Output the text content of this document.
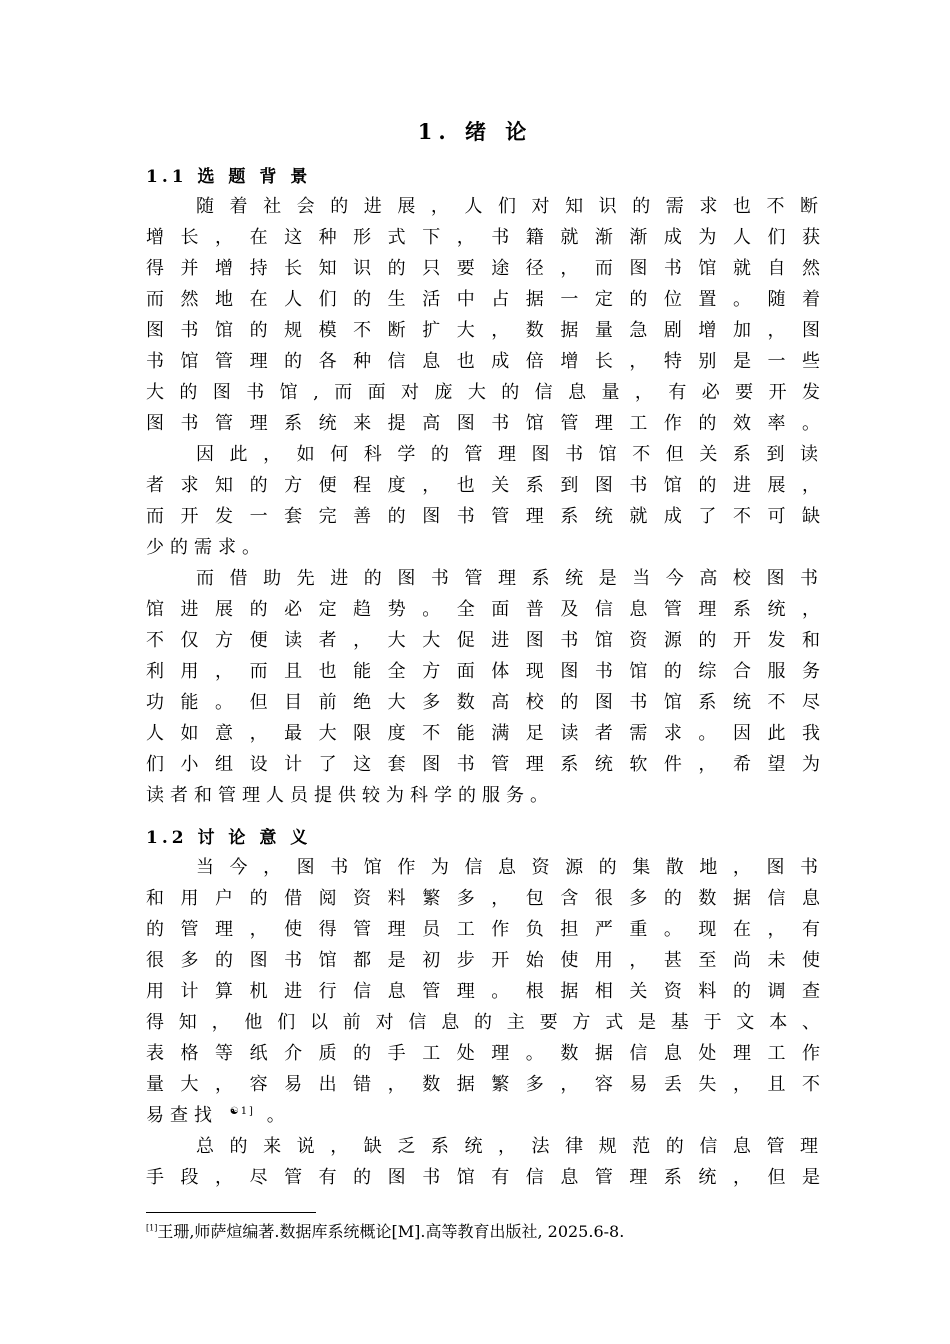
1. 绪 论
1.1 选 题 背 景
随着社会的进展，人们对知识的需求也不断
增长，在这种形式下，书籍就渐渐成为人们获
得并增持长知识的只要途径，而图书馆就自然
而然地在人们的生活中占据一定的位置。随着
图书馆的规模不断扩大，数据量急剧增加，图
书馆管理的各种信息也成倍增长，特别是一些
大的图书馆,而面对庞大的信息量，有必要开发
图书管理系统来提高图书馆管理工作的效率。
因此，如何科学的管理图书馆不但关系到读
者求知的方便程度，也关系到图书馆的进展，
而开发一套完善的图书管理系统就成了不可缺
少的需求。
而借助先进的图书管理系统是当今高校图书
馆进展的必定趋势。全面普及信息管理系统，
不仅方便读者，大大促进图书馆资源的开发和
利用，而且也能全方面体现图书馆的综合服务
功能。但目前绝大多数高校的图书馆系统不尽
人如意，最大限度不能满足读者需求。因此我
们小组设计了这套图书管理系统软件，希望为
读者和管理人员提供较为科学的服务。
1.2 讨 论 意 义
当今，图书馆作为信息资源的集散地，图书
和用户的借阅资料繁多，包含很多的数据信息
的管理，使得管理员工作负担严重。现在，有
很多的图书馆都是初步开始使用，甚至尚未使
用计算机进行信息管理。根据相关资料的调查
得知，他们以前对信息的主要方式是基于文本、
表格等纸介质的手工处理。数据信息处理工作
量大，容易出错，数据繁多，容易丢失，且不
易查找 $^{☯1]}$ 。
总的来说，缺乏系统，法律规范的信息管理
手段，尽管有的图书馆有信息管理系统，但是
[1]王珊,师萨煊编著.数据库系统概论[M].高等教育出版社, 2025.6-8.
